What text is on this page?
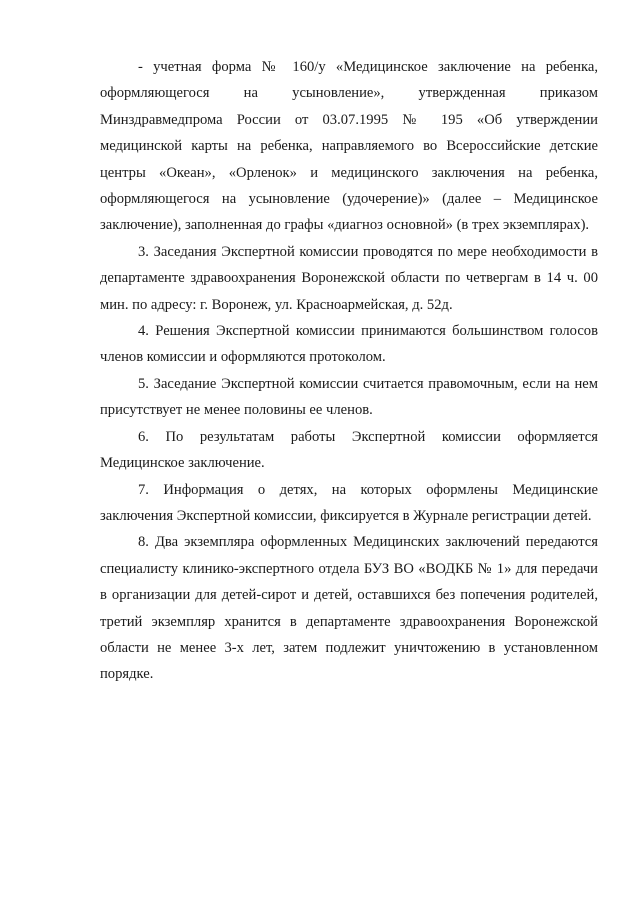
- учетная форма № 160/у «Медицинское заключение на ребенка, оформляющегося на усыновление», утвержденная приказом Минздравмедпрома России от 03.07.1995 № 195 «Об утверждении медицинской карты на ребенка, направляемого во Всероссийские детские центры «Океан», «Орленок» и медицинского заключения на ребенка, оформляющегося на усыновление (удочерение)» (далее – Медицинское заключение), заполненная до графы «диагноз основной» (в трех экземплярах).

3. Заседания Экспертной комиссии проводятся по мере необходимости в департаменте здравоохранения Воронежской области по четвергам в 14 ч. 00 мин. по адресу: г. Воронеж, ул. Красноармейская, д. 52д.

4. Решения Экспертной комиссии принимаются большинством голосов членов комиссии и оформляются протоколом.

5. Заседание Экспертной комиссии считается правомочным, если на нем присутствует не менее половины ее членов.

6. По результатам работы Экспертной комиссии оформляется Медицинское заключение.

7. Информация о детях, на которых оформлены Медицинские заключения Экспертной комиссии, фиксируется в Журнале регистрации детей.

8. Два экземпляра оформленных Медицинских заключений передаются специалисту клинико-экспертного отдела БУЗ ВО «ВОДКБ № 1» для передачи в организации для детей-сирот и детей, оставшихся без попечения родителей, третий экземпляр хранится в департаменте здравоохранения Воронежской области не менее 3-х лет, затем подлежит уничтожению в установленном порядке.
